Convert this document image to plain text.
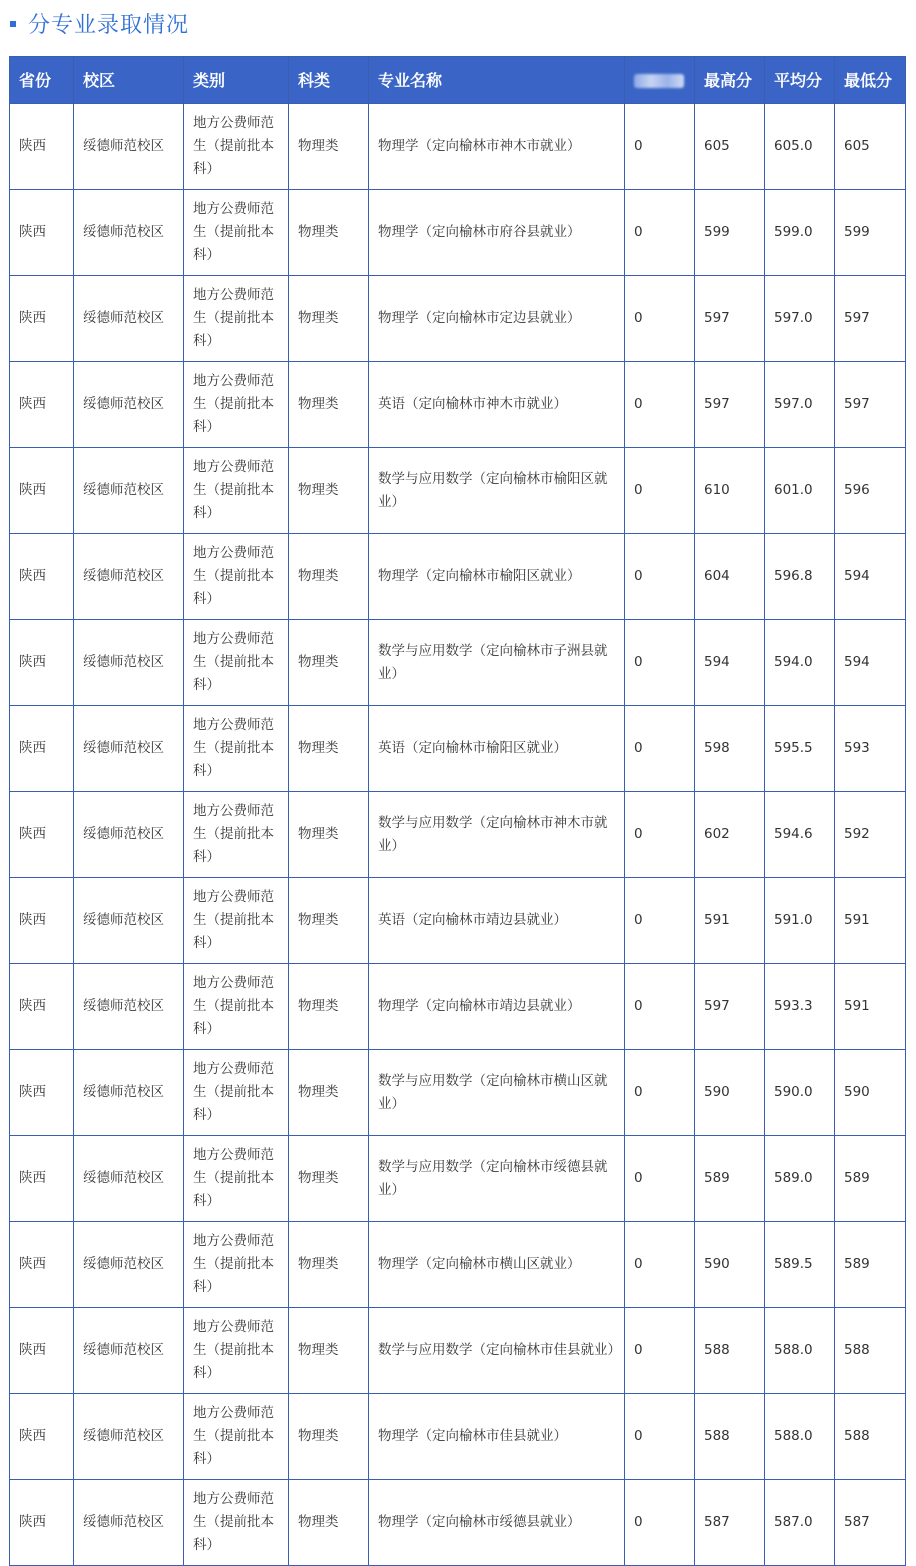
分专业录取情况
省份	校区	类别	科类	专业名称		最高分	平均分	最低分
陕西	绥德师范校区	地方公费师范生（提前批本科）	物理类	物理学（定向榆林市神木市就业）	0	605	605.0	605
陕西	绥德师范校区	地方公费师范生（提前批本科）	物理类	物理学（定向榆林市府谷县就业）	0	599	599.0	599
陕西	绥德师范校区	地方公费师范生（提前批本科）	物理类	物理学（定向榆林市定边县就业）	0	597	597.0	597
陕西	绥德师范校区	地方公费师范生（提前批本科）	物理类	英语（定向榆林市神木市就业）	0	597	597.0	597
陕西	绥德师范校区	地方公费师范生（提前批本科）	物理类	数学与应用数学（定向榆林市榆阳区就业）	0	610	601.0	596
陕西	绥德师范校区	地方公费师范生（提前批本科）	物理类	物理学（定向榆林市榆阳区就业）	0	604	596.8	594
陕西	绥德师范校区	地方公费师范生（提前批本科）	物理类	数学与应用数学（定向榆林市子洲县就业）	0	594	594.0	594
陕西	绥德师范校区	地方公费师范生（提前批本科）	物理类	英语（定向榆林市榆阳区就业）	0	598	595.5	593
陕西	绥德师范校区	地方公费师范生（提前批本科）	物理类	数学与应用数学（定向榆林市神木市就业）	0	602	594.6	592
陕西	绥德师范校区	地方公费师范生（提前批本科）	物理类	英语（定向榆林市靖边县就业）	0	591	591.0	591
陕西	绥德师范校区	地方公费师范生（提前批本科）	物理类	物理学（定向榆林市靖边县就业）	0	597	593.3	591
陕西	绥德师范校区	地方公费师范生（提前批本科）	物理类	数学与应用数学（定向榆林市横山区就业）	0	590	590.0	590
陕西	绥德师范校区	地方公费师范生（提前批本科）	物理类	数学与应用数学（定向榆林市绥德县就业）	0	589	589.0	589
陕西	绥德师范校区	地方公费师范生（提前批本科）	物理类	物理学（定向榆林市横山区就业）	0	590	589.5	589
陕西	绥德师范校区	地方公费师范生（提前批本科）	物理类	数学与应用数学（定向榆林市佳县就业）	0	588	588.0	588
陕西	绥德师范校区	地方公费师范生（提前批本科）	物理类	物理学（定向榆林市佳县就业）	0	588	588.0	588
陕西	绥德师范校区	地方公费师范生（提前批本科）	物理类	物理学（定向榆林市绥德县就业）	0	587	587.0	587
